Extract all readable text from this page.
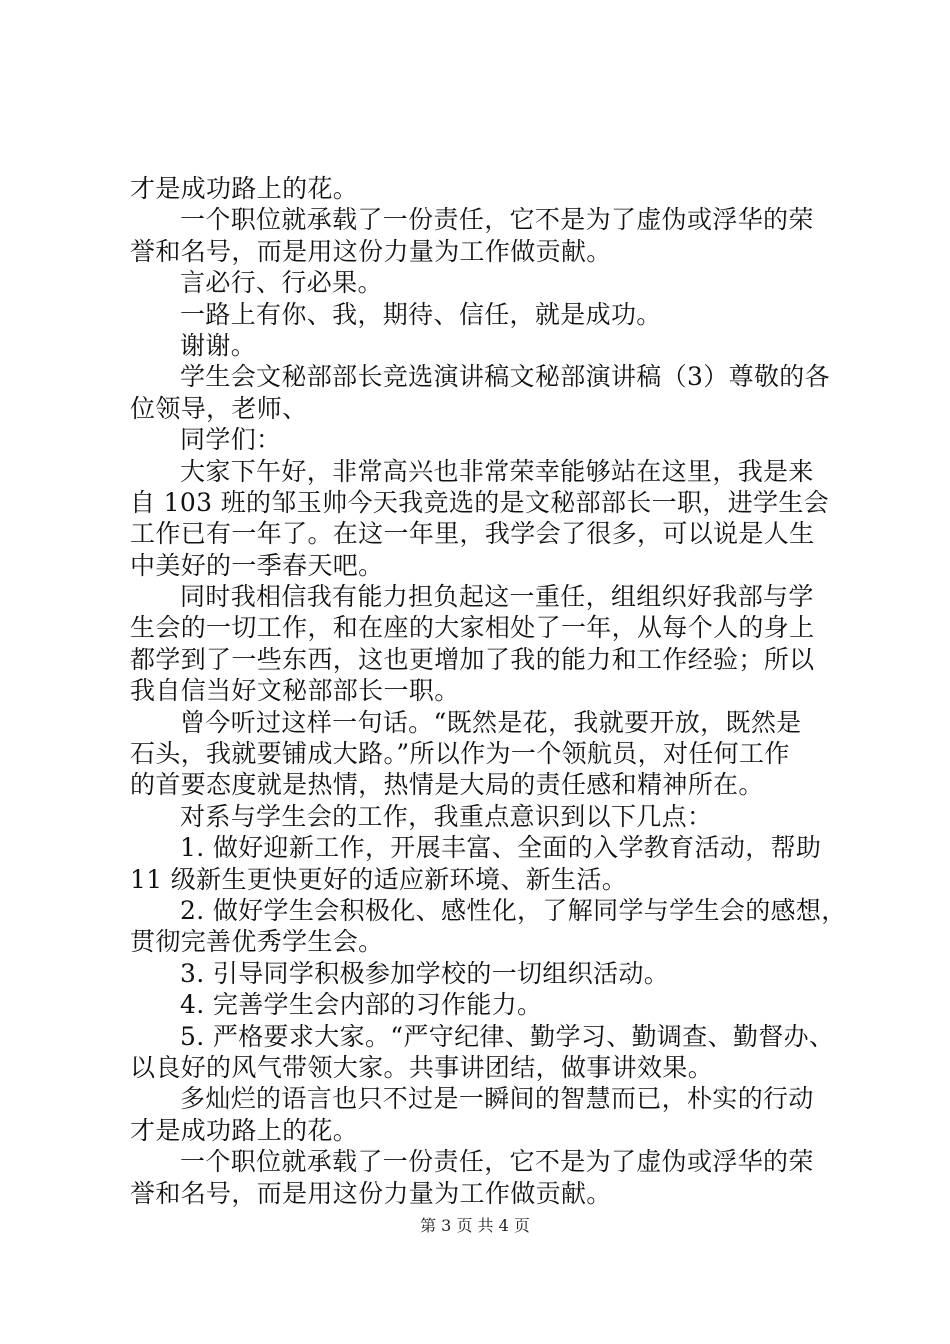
才是成功路上的花。
一个职位就承载了一份责任，它不是为了虚伪或浮华的荣
誉和名号，而是用这份力量为工作做贡献。
言必行、行必果。
一路上有你、我，期待、信任，就是成功。
谢谢。
学生会文秘部部长竞选演讲稿文秘部演讲稿（3）尊敬的各
位领导，老师、
同学们：
大家下午好，非常高兴也非常荣幸能够站在这里，我是来
自 103 班的邹玉帅今天我竞选的是文秘部部长一职，进学生会
工作已有一年了。在这一年里，我学会了很多，可以说是人生
中美好的一季春天吧。
同时我相信我有能力担负起这一重任，组组织好我部与学
生会的一切工作，和在座的大家相处了一年，从每个人的身上
都学到了一些东西，这也更增加了我的能力和工作经验；所以
我自信当好文秘部部长一职。
曾今听过这样一句话。“既然是花，我就要开放，既然是
石头，我就要铺成大路。”所以作为一个领航员，对任何工作
的首要态度就是热情，热情是大局的责任感和精神所在。
对系与学生会的工作，我重点意识到以下几点：
1. 做好迎新工作，开展丰富、全面的入学教育活动，帮助
11 级新生更快更好的适应新环境、新生活。
2. 做好学生会积极化、感性化，了解同学与学生会的感想，
贯彻完善优秀学生会。
3. 引导同学积极参加学校的一切组织活动。
4. 完善学生会内部的习作能力。
5. 严格要求大家。“严守纪律、勤学习、勤调查、勤督办、
以良好的风气带领大家。共事讲团结，做事讲效果。
多灿烂的语言也只不过是一瞬间的智慧而已，朴实的行动
才是成功路上的花。
一个职位就承载了一份责任，它不是为了虚伪或浮华的荣
誉和名号，而是用这份力量为工作做贡献。
第 3 页 共 4 页
